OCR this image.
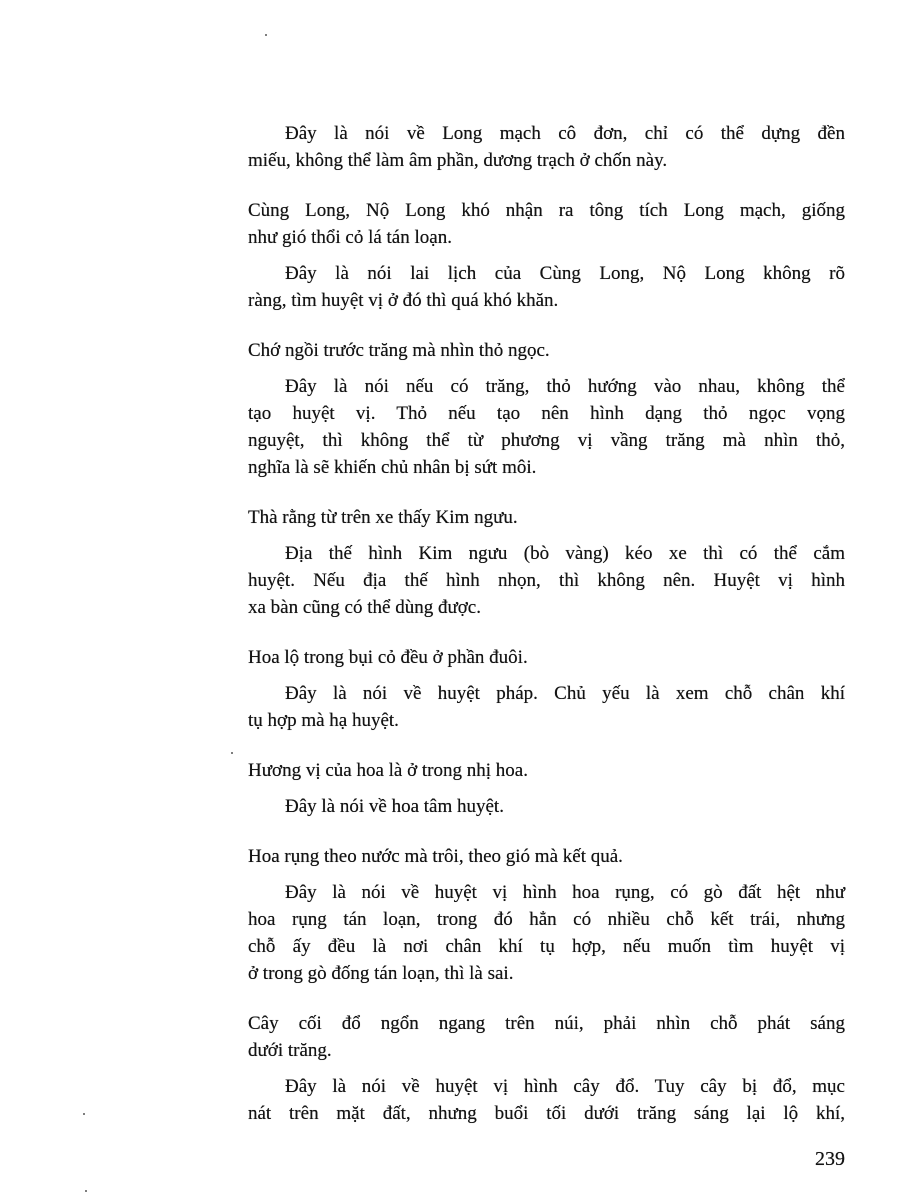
Đây là nói về Long mạch cô đơn, chỉ có thể dựng đền
miếu, không thể làm âm phần, dương trạch ở chốn này.
Cùng Long, Nộ Long khó nhận ra tông tích Long mạch, giống
như gió thổi cỏ lá tán loạn.
Đây là nói lai lịch của Cùng Long, Nộ Long không rõ
ràng, tìm huyệt vị ở đó thì quá khó khăn.
Chớ ngồi trước trăng mà nhìn thỏ ngọc.
Đây là nói nếu có trăng, thỏ hướng vào nhau, không thể
tạo huyệt vị. Thỏ nếu tạo nên hình dạng thỏ ngọc vọng
nguyệt, thì không thể từ phương vị vầng trăng mà nhìn thỏ,
nghĩa là sẽ khiến chủ nhân bị sứt môi.
Thà rằng từ trên xe thấy Kim ngưu.
Địa thế hình Kim ngưu (bò vàng) kéo xe thì có thể cắm
huyệt. Nếu địa thế hình nhọn, thì không nên. Huyệt vị hình
xa bàn cũng có thể dùng được.
Hoa lộ trong bụi cỏ đều ở phần đuôi.
Đây là nói về huyệt pháp. Chủ yếu là xem chỗ chân khí
tụ hợp mà hạ huyệt.
Hương vị của hoa là ở trong nhị hoa.
Đây là nói về hoa tâm huyệt.
Hoa rụng theo nước mà trôi, theo gió mà kết quả.
Đây là nói về huyệt vị hình hoa rụng, có gò đất hệt như
hoa rụng tán loạn, trong đó hẳn có nhiều chỗ kết trái, nhưng
chỗ ấy đều là nơi chân khí tụ hợp, nếu muốn tìm huyệt vị
ở trong gò đống tán loạn, thì là sai.
Cây cối đổ ngổn ngang trên núi, phải nhìn chỗ phát sáng
dưới trăng.
Đây là nói về huyệt vị hình cây đổ. Tuy cây bị đổ, mục
nát trên mặt đất, nhưng buổi tối dưới trăng sáng lại lộ khí,
239
